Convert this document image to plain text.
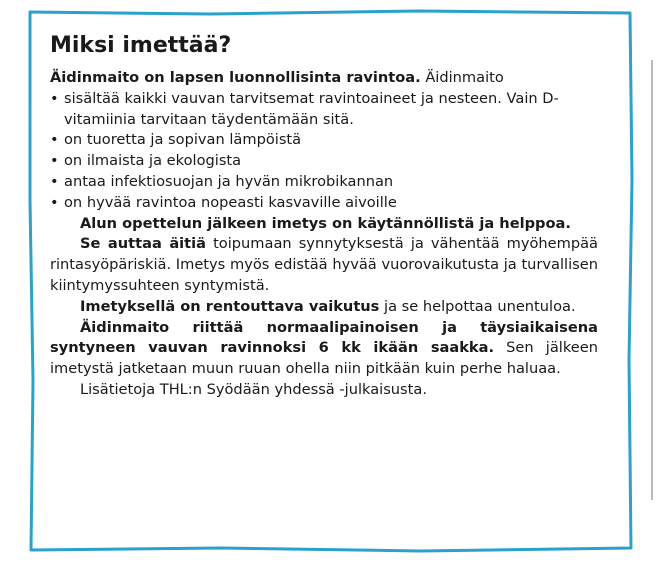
Miksi imettää?

Äidinmaito on lapsen luonnollisinta ravintoa. Äidinmaito

• sisältää kaikki vauvan tarvitsemat ravintoaineet ja nesteen. Vain D-vitamiinia tarvitaan täydentämään sitä.
• on tuoretta ja sopivan lämpöistä
• on ilmaista ja ekologista
• antaa infektiosuojan ja hyvän mikrobikannan
• on hyvää ravintoa nopeasti kasvaville aivoille

Alun opettelun jälkeen imetys on käytännöllistä ja helppoa.

Se auttaa äitiä toipumaan synnytyksestä ja vähentää myöhempää rintasyöpäriskiä. Imetys myös edistää hyvää vuorovaikutusta ja turvallisen kiintymyssuhteen syntymistä.

Imetyksellä on rentouttava vaikutus ja se helpottaa unentuloa.

Äidinmaito riittää normaalipainoisen ja täysiaikaisena syntyneen vauvan ravinnoksi 6 kk ikään saakka. Sen jälkeen imetystä jatketaan muun ruuan ohella niin pitkään kuin perhe haluaa.

Lisätietoja THL:n Syödään yhdessä -julkaisusta.
